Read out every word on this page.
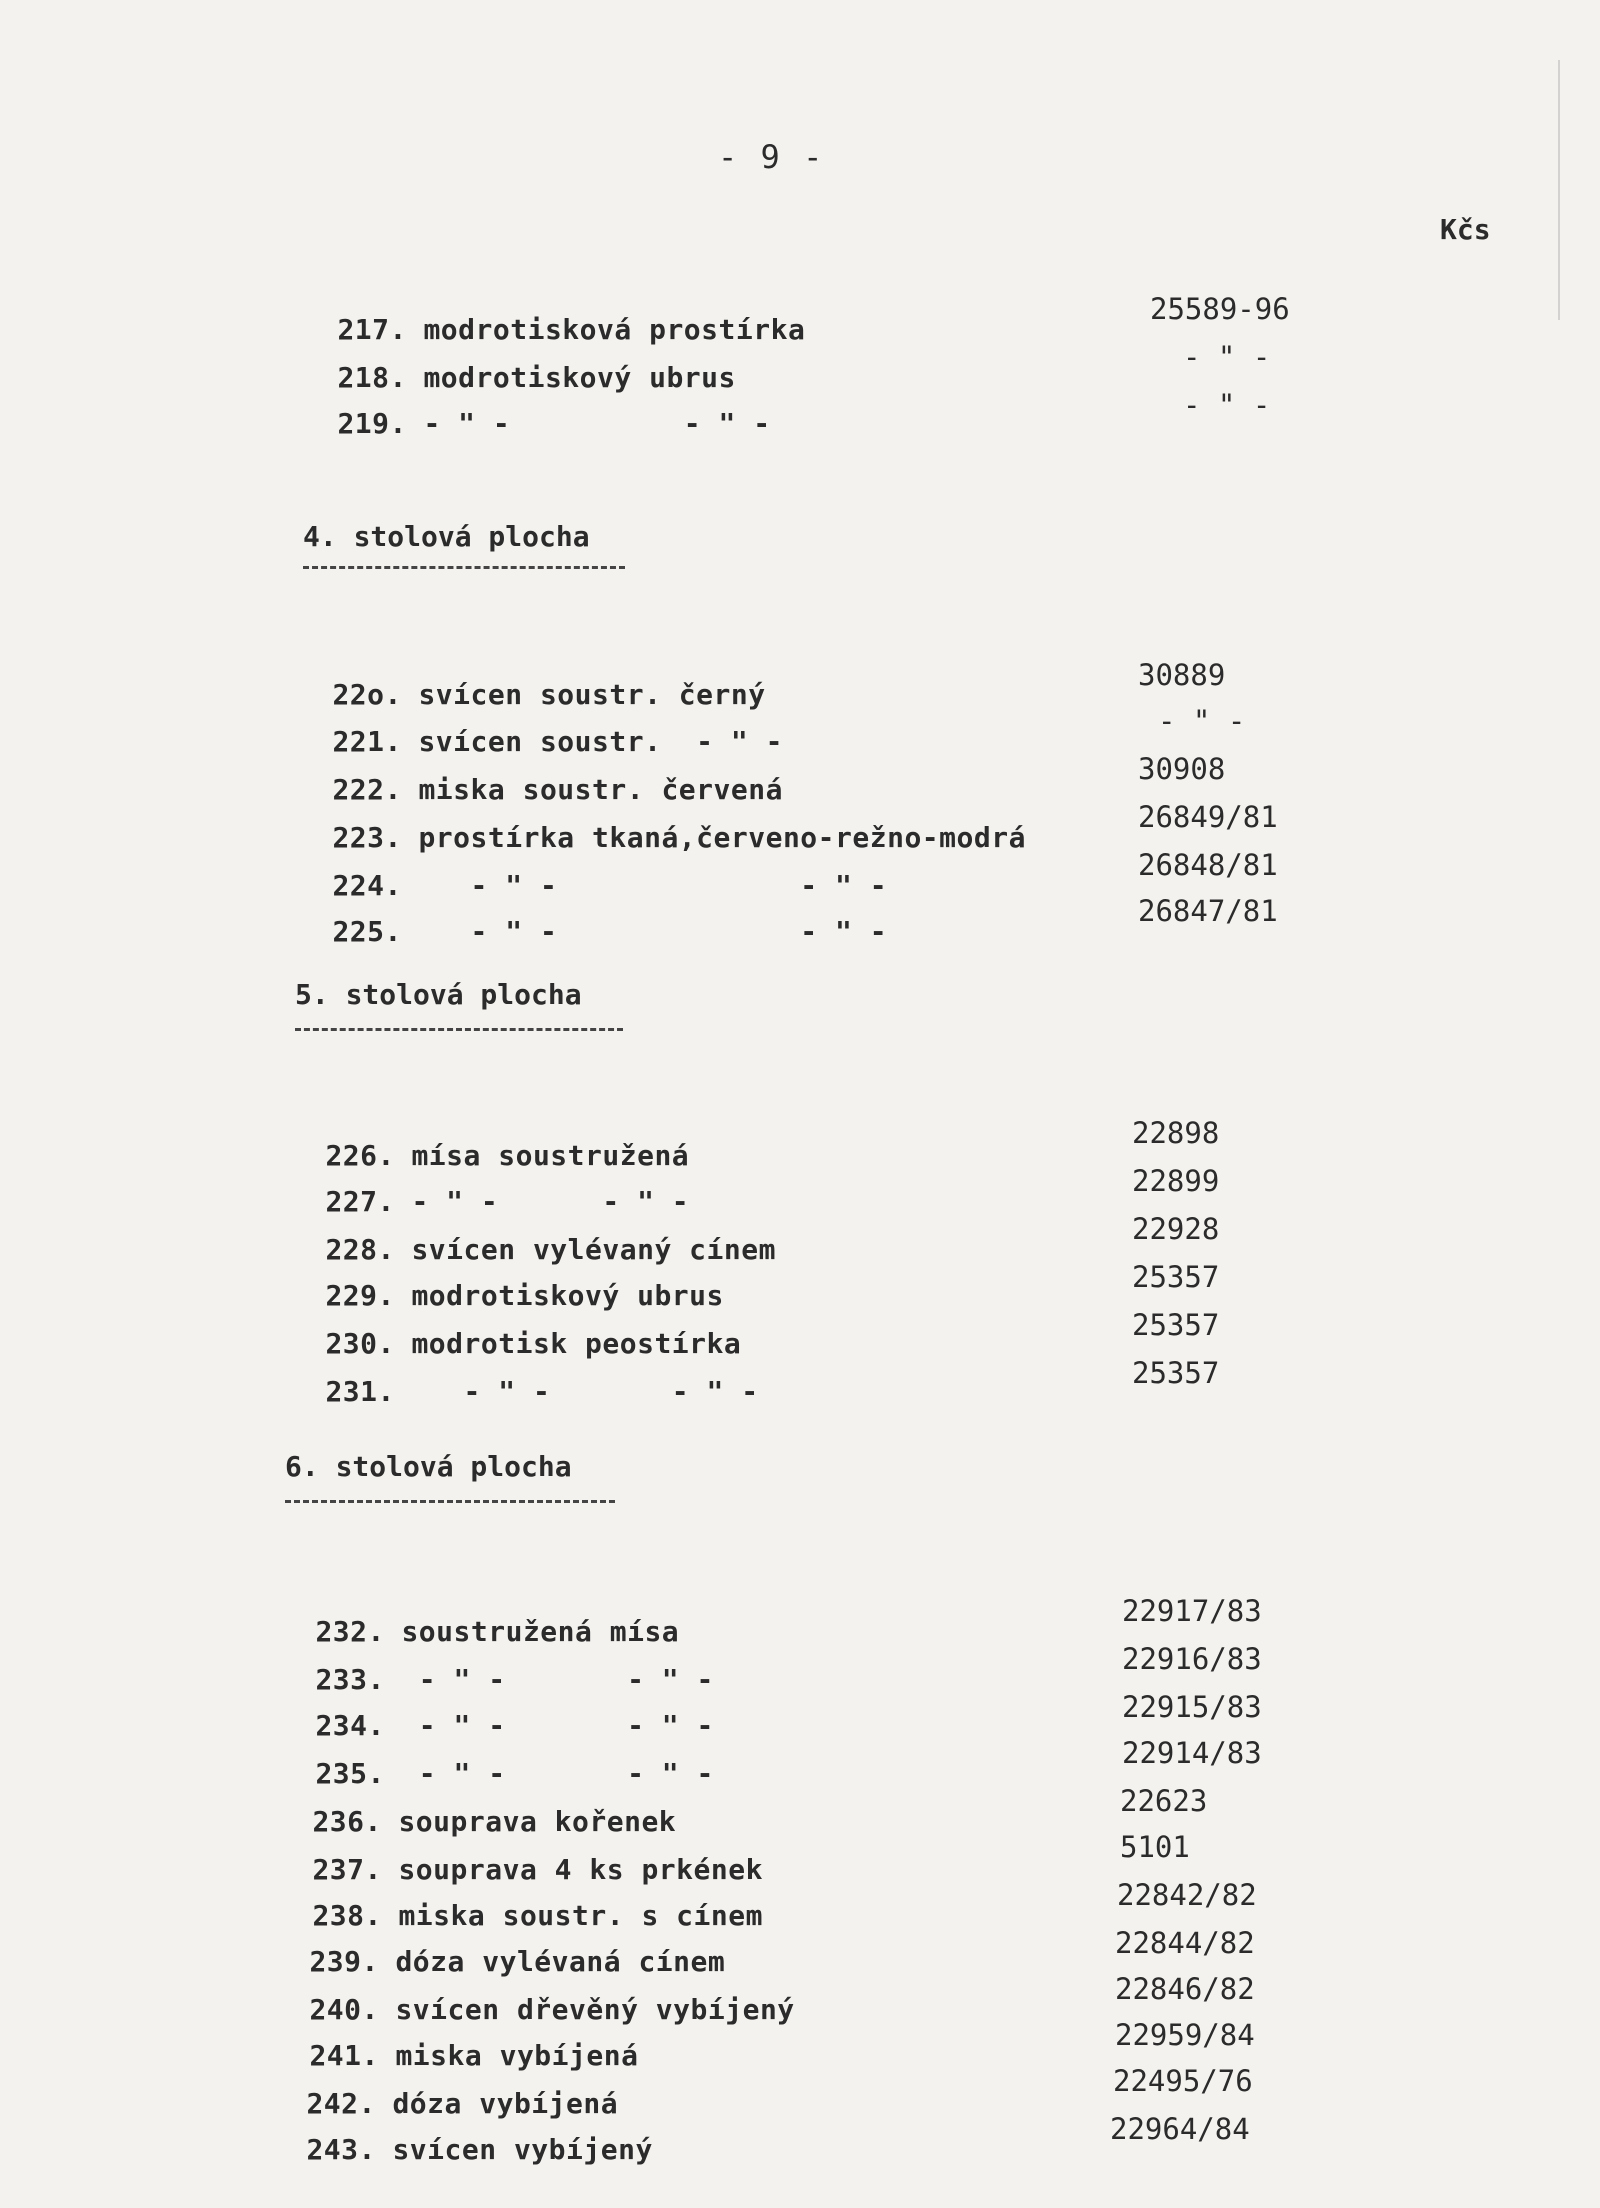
- 9 -
Kčs

217. modrotisková prostírka

25589-96

218. modrotiskový ubrus

- " -

219. - " -          - " -

- " -
4. stolová plocha

22o. svícen soustr. černý

30889

221. svícen soustr.  - " -

- " -

222. miska soustr. červená

30908

223. prostírka tkaná,červeno-režno-modrá

26849/81

224.   - " -              - " -

26848/81

225.   - " -              - " -

26847/81
5. stolová plocha

226. mísa soustružená

22898

227. - " -      - " -

22899

228. svícen vylévaný cínem

22928

229. modrotiskový ubrus

25357

230. modrotisk peostírka

25357

231.   - " -       - " -

25357
6. stolová plocha

232. soustružená mísa

22917/83

233. - " -       - " -

22916/83

234. - " -       - " -

22915/83

235. - " -       - " -

22914/83

236. souprava kořenek

22623

237. souprava 4 ks prkének

5101

238. miska soustr. s cínem

22842/82

239. dóza vylévaná cínem

22844/82

240. svícen dřevěný vybíjený

22846/82

241. miska vybíjená

22959/84

242. dóza vybíjená

22495/76

243. svícen vybíjený

22964/84
